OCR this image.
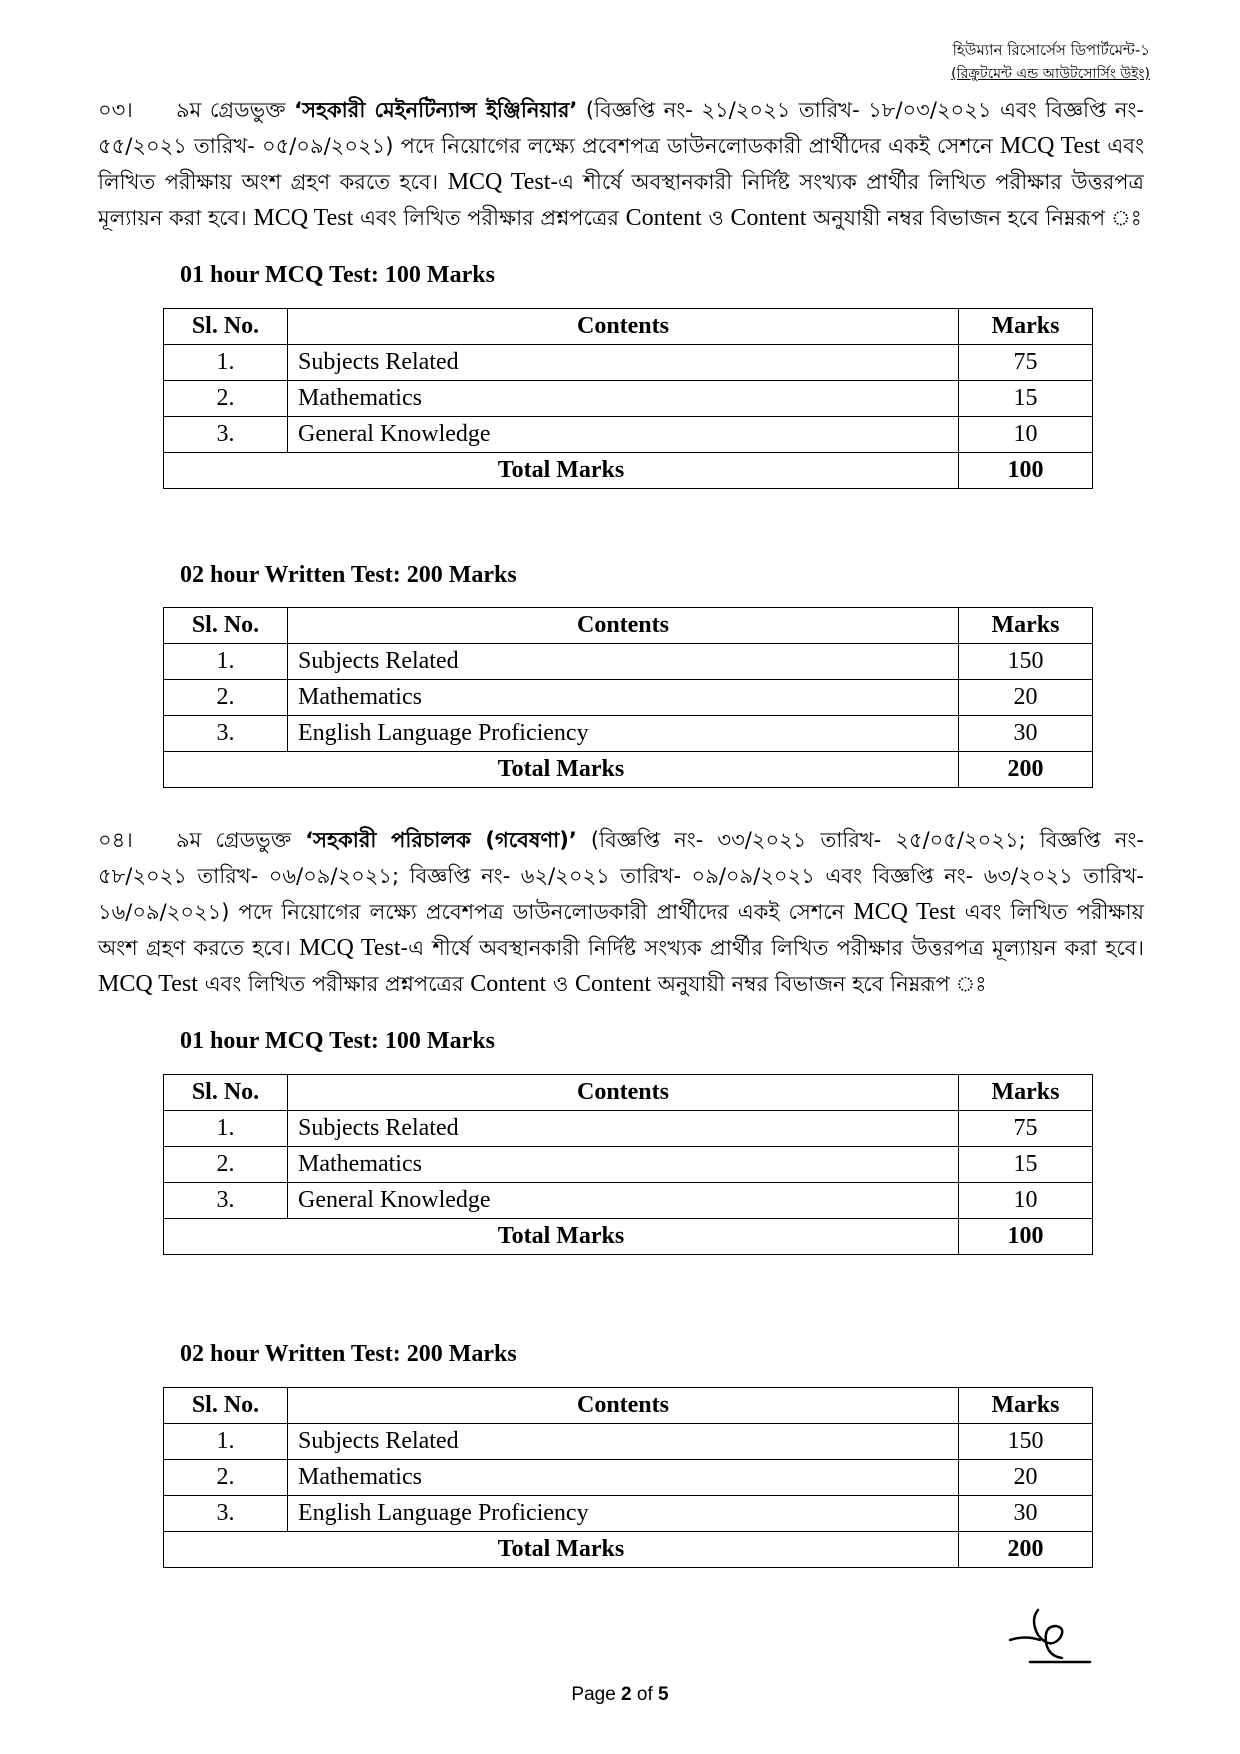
হিউম্যান রিসোর্সেস ডিপার্টমেন্ট-১
(রিক্রুটমেন্ট এন্ড আউটসোর্সিং উইং)
০৩। ৯ম গ্রেডভুক্ত ‘সহকারী মেইনটিন্যান্স ইঞ্জিনিয়ার’ (বিজ্ঞপ্তি নং- ২১/২০২১ তারিখ- ১৮/০৩/২০২১ এবং বিজ্ঞপ্তি নং- ৫৫/২০২১ তারিখ- ০৫/০৯/২০২১) পদে নিয়োগের লক্ষ্যে প্রবেশপত্র ডাউনলোডকারী প্রার্থীদের একই সেশনে MCQ Test এবং লিখিত পরীক্ষায় অংশ গ্রহণ করতে হবে। MCQ Test-এ শীর্ষে অবস্থানকারী নির্দিষ্ট সংখ্যক প্রার্থীর লিখিত পরীক্ষার উত্তরপত্র মূল্যায়ন করা হবে। MCQ Test এবং লিখিত পরীক্ষার প্রশ্নপত্রের Content ও Content অনুযায়ী নম্বর বিভাজন হবে নিম্নরূপ ঃ
01 hour MCQ Test: 100 Marks
Sl. No.	Contents	Marks
1.	Subjects Related	75
2.	Mathematics	15
3.	General Knowledge	10
Total Marks		100
02 hour Written Test: 200 Marks
Sl. No.	Contents	Marks
1.	Subjects Related	150
2.	Mathematics	20
3.	English Language Proficiency	30
Total Marks		200
০৪। ৯ম গ্রেডভুক্ত ‘সহকারী পরিচালক (গবেষণা)’ (বিজ্ঞপ্তি নং- ৩৩/২০২১ তারিখ- ২৫/০৫/২০২১; বিজ্ঞপ্তি নং- ৫৮/২০২১ তারিখ- ০৬/০৯/২০২১; বিজ্ঞপ্তি নং- ৬২/২০২১ তারিখ- ০৯/০৯/২০২১ এবং বিজ্ঞপ্তি নং- ৬৩/২০২১ তারিখ- ১৬/০৯/২০২১) পদে নিয়োগের লক্ষ্যে প্রবেশপত্র ডাউনলোডকারী প্রার্থীদের একই সেশনে MCQ Test এবং লিখিত পরীক্ষায় অংশ গ্রহণ করতে হবে। MCQ Test-এ শীর্ষে অবস্থানকারী নির্দিষ্ট সংখ্যক প্রার্থীর লিখিত পরীক্ষার উত্তরপত্র মূল্যায়ন করা হবে। MCQ Test এবং লিখিত পরীক্ষার প্রশ্নপত্রের Content ও Content অনুযায়ী নম্বর বিভাজন হবে নিম্নরূপ ঃ
01 hour MCQ Test: 100 Marks
Sl. No.	Contents	Marks
1.	Subjects Related	75
2.	Mathematics	15
3.	General Knowledge	10
Total Marks		100
02 hour Written Test: 200 Marks
Sl. No.	Contents	Marks
1.	Subjects Related	150
2.	Mathematics	20
3.	English Language Proficiency	30
Total Marks		200
Page 2 of 5
